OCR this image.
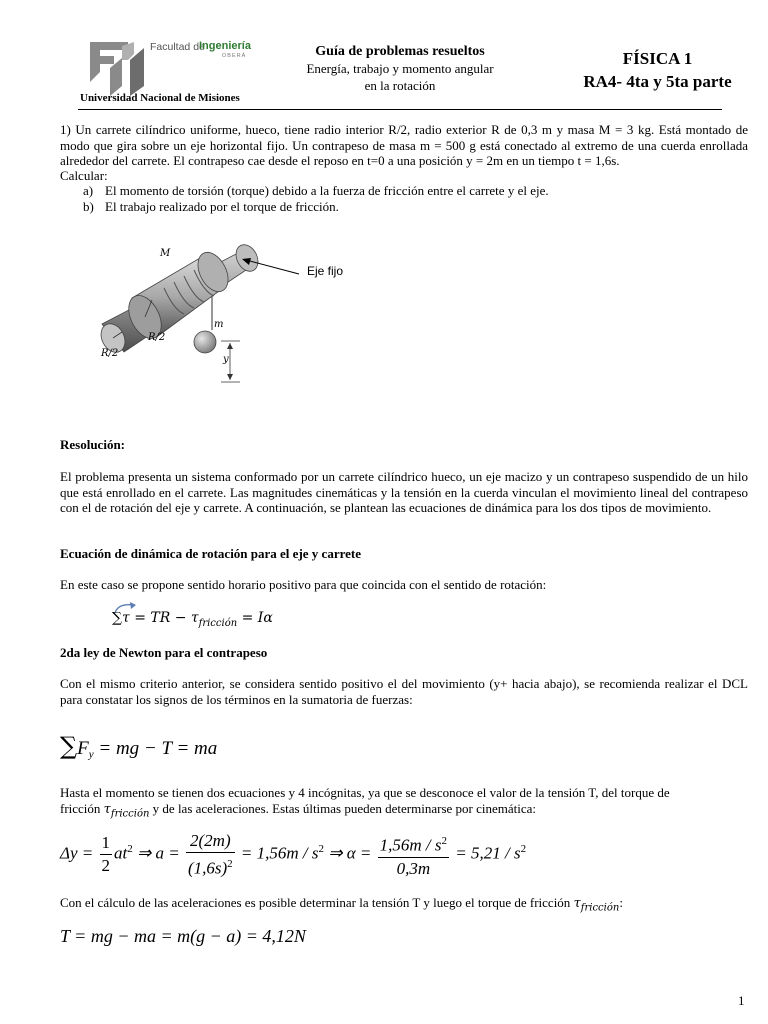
Facultad de
Ingeniería
OBERÁ
Universidad Nacional de Misiones
Guía de problemas resueltos
Energía, trabajo y momento angular
en la rotación
FÍSICA 1
RA4- 4ta y 5ta parte
1) Un carrete cilíndrico uniforme, hueco, tiene radio interior R/2, radio exterior R de 0,3 m y masa M = 3 kg. Está montado de modo que gira sobre un eje horizontal fijo. Un contrapeso de masa m = 500 g está conectado al extremo de una cuerda enrollada alrededor del carrete. El contrapeso cae desde el reposo en t=0 a una posición y = 2m en un tiempo t = 1,6s.
Calcular:
a) El momento de torsión (torque) debido a la fuerza de fricción entre el carrete y el eje.
b) El trabajo realizado por el torque de fricción.
M
m
R/2
R/2
y
Eje fijo
Resolución:
El problema presenta un sistema conformado por un carrete cilíndrico hueco, un eje macizo y un contrapeso suspendido de un hilo que está enrollado en el carrete. Las magnitudes cinemáticas y la tensión en la cuerda vinculan el movimiento lineal del contrapeso con el de rotación del eje y carrete. A continuación, se plantean las ecuaciones de dinámica para los dos tipos de movimiento.
Ecuación de dinámica de rotación para el eje y carrete
En este caso se propone sentido horario positivo para que coincida con el sentido de rotación:
∑τ = TR − $\tau_{fricción} = I\alpha$
2da ley de Newton para el contrapeso
Con el mismo criterio anterior, se considera sentido positivo el del movimiento (y+ hacia abajo), se recomienda realizar el DCL para constatar los signos de los términos en la sumatoria de fuerzas:
$\sum F_y$ = mg − T = ma
Hasta el momento se tienen dos ecuaciones y 4 incógnitas, ya que se desconoce el valor de la tensión T, del torque de
fricción $\tau_{fricción}$ y de las aceleraciones. Estas últimas pueden determinarse por cinemática:
$\Delta y = \frac{1}{2} at^2$ ⇒ $a = \frac{2(2m)}{(1,6s)^2} = 1,56m / s^2$ ⇒ $\alpha = \frac{1,56m / s^2}{0,3m} = 5,21 / s^2$
Con el cálculo de las aceleraciones es posible determinar la tensión T y luego el torque de fricción $\tau_{fricción}$:
T = mg − ma = m(g − a) = 4,12N
1
